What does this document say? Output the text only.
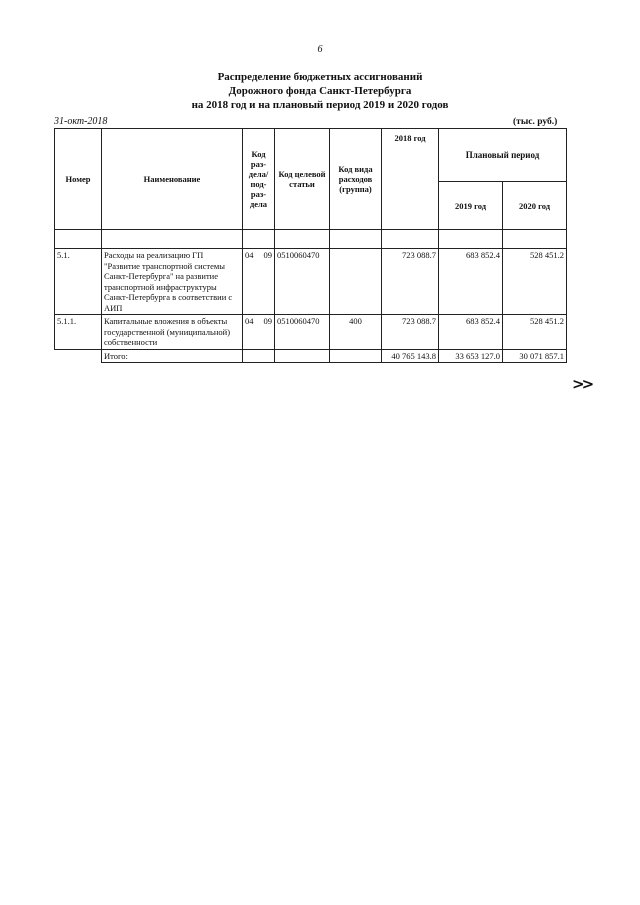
6
Распределение бюджетных ассигнований
Дорожного фонда Санкт-Петербурга
на 2018 год и на плановый период 2019 и 2020 годов
31-окт-2018	(тыс. руб.)
Номер	Наименование	Код раз-дела/ под-раз-дела	Код целевой статьи	Код вида расходов (группа)	2018 год	Плановый период	
						2019 год	2020 год

5.1.	Расходы на реализацию ГП "Развитие транспортной системы Санкт-Петербурга" на развитие транспортной инфраструктуры Санкт-Петербурга в соответствии с АИП	04 09	0510060470		723 088.7	683 852.4	528 451.2
5.1.1.	Капитальные вложения в объекты государственной (муниципальной) собственности	04 09	0510060470	400	723 088.7	683 852.4	528 451.2
	Итого:				40 765 143.8	33 653 127.0	30 071 857.1
>>
